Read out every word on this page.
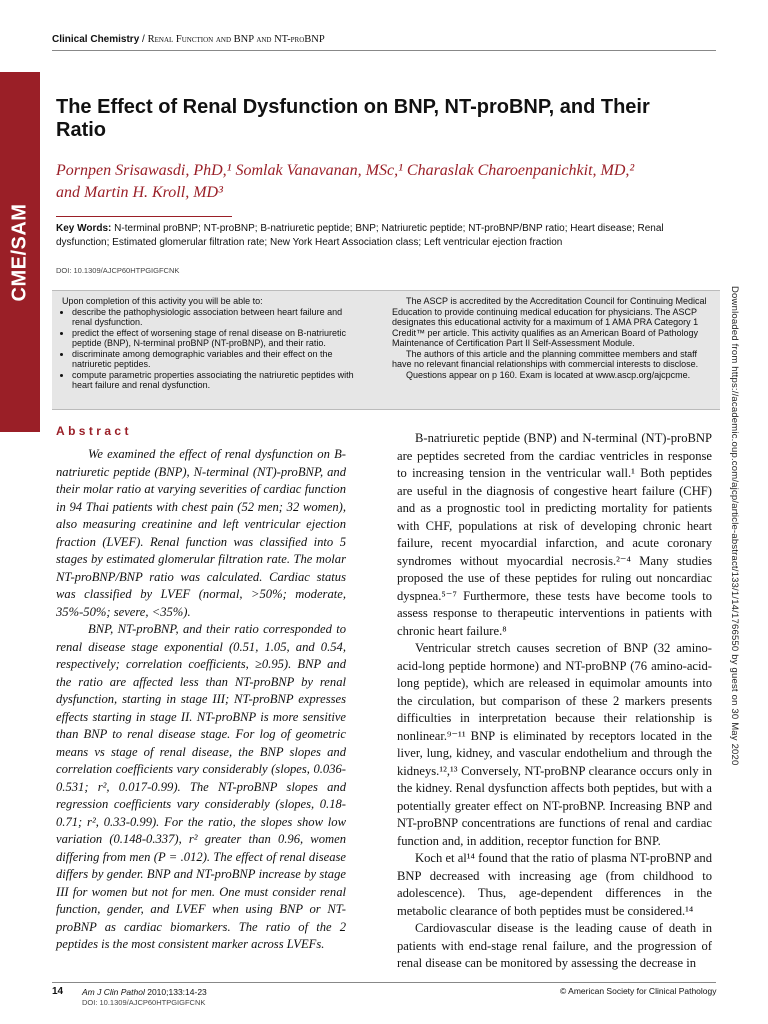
Clinical Chemistry / Renal Function and BNP and NT-proBNP
CME/SAM
The Effect of Renal Dysfunction on BNP, NT-proBNP, and Their Ratio
Pornpen Srisawasdi, PhD,¹ Somlak Vanavanan, MSc,¹ Charaslak Charoenpanichkit, MD,²
and Martin H. Kroll, MD³
Key Words: N-terminal proBNP; NT-proBNP; B-natriuretic peptide; BNP; Natriuretic peptide; NT-proBNP/BNP ratio; Heart disease; Renal dysfunction; Estimated glomerular filtration rate; New York Heart Association class; Left ventricular ejection fraction
DOI: 10.1309/AJCP60HTPGIGFCNK
Upon completion of this activity you will be able to:
• describe the pathophysiologic association between heart failure and renal dysfunction.
• predict the effect of worsening stage of renal disease on B-natriuretic peptide (BNP), N-terminal proBNP (NT-proBNP), and their ratio.
• discriminate among demographic variables and their effect on the natriuretic peptides.
• compute parametric properties associating the natriuretic peptides with heart failure and renal dysfunction.

The ASCP is accredited by the Accreditation Council for Continuing Medical Education to provide continuing medical education for physicians. The ASCP designates this educational activity for a maximum of 1 AMA PRA Category 1 Credit™ per article. This activity qualifies as an American Board of Pathology Maintenance of Certification Part II Self-Assessment Module.

The authors of this article and the planning committee members and staff have no relevant financial relationships with commercial interests to disclose.

Questions appear on p 160. Exam is located at www.ascp.org/ajcpcme.

Abstract

We examined the effect of renal dysfunction on B-natriuretic peptide (BNP), N-terminal (NT)-proBNP, and their molar ratio at varying severities of cardiac function in 94 Thai patients with chest pain (52 men; 32 women), also measuring creatinine and left ventricular ejection fraction (LVEF). Renal function was classified into 5 stages by estimated glomerular filtration rate. The molar NT-proBNP/BNP ratio was calculated. Cardiac status was classified by LVEF (normal, >50%; moderate, 35%-50%; severe, <35%).

BNP, NT-proBNP, and their ratio corresponded to renal disease stage exponential (0.51, 1.05, and 0.54, respectively; correlation coefficients, ≥0.95). BNP and the ratio are affected less than NT-proBNP by renal dysfunction, starting in stage III; NT-proBNP expresses effects starting in stage II. NT-proBNP is more sensitive than BNP to renal disease stage. For log of geometric means vs stage of renal disease, the BNP slopes and correlation coefficients vary considerably (slopes, 0.036-0.531; r², 0.017-0.99). The NT-proBNP slopes and regression coefficients vary considerably (slopes, 0.18-0.71; r², 0.33-0.99). For the ratio, the slopes show low variation (0.148-0.337), r² greater than 0.96, women differing from men (P = .012). The effect of renal disease differs by gender. BNP and NT-proBNP increase by stage III for women but not for men. One must consider renal function, gender, and LVEF when using BNP or NT-proBNP as cardiac biomarkers. The ratio of the 2 peptides is the most consistent marker across LVEFs.

B-natriuretic peptide (BNP) and N-terminal (NT)-proBNP are peptides secreted from the cardiac ventricles in response to increasing tension in the ventricular wall.¹ Both peptides are useful in the diagnosis of congestive heart failure (CHF) and as a prognostic tool in predicting mortality for patients with CHF, populations at risk of developing chronic heart failure, recent myocardial infarction, and acute coronary syndromes without myocardial necrosis.²⁻⁴ Many studies proposed the use of these peptides for ruling out noncardiac dyspnea.⁵⁻⁷ Furthermore, these tests have become tools to assess response to therapeutic interventions in patients with chronic heart failure.⁸

Ventricular stretch causes secretion of BNP (32 amino-acid-long peptide hormone) and NT-proBNP (76 amino-acid-long peptide), which are released in equimolar amounts into the circulation, but comparison of these 2 markers presents difficulties in interpretation because their relationship is nonlinear.⁹⁻¹¹ BNP is eliminated by receptors located in the liver, lung, kidney, and vascular endothelium and through the kidneys.¹²,¹³ Conversely, NT-proBNP clearance occurs only in the kidney. Renal dysfunction affects both peptides, but with a potentially greater effect on NT-proBNP. Increasing BNP and NT-proBNP concentrations are functions of renal and cardiac function and, in addition, receptor function for BNP.

Koch et al¹⁴ found that the ratio of plasma NT-proBNP and BNP decreased with increasing age (from childhood to adolescence). Thus, age-dependent differences in the metabolic clearance of both peptides must be considered.¹⁴

Cardiovascular disease is the leading cause of death in patients with end-stage renal failure, and the progression of renal disease can be monitored by assessing the decrease in

Downloaded from https://academic.oup.com/ajcp/article-abstract/133/1/14/1766550 by guest on 30 May 2020
14 Am J Clin Pathol 2010;133:14-23
DOI: 10.1309/AJCP60HTPGIGFCNK
© American Society for Clinical Pathology
